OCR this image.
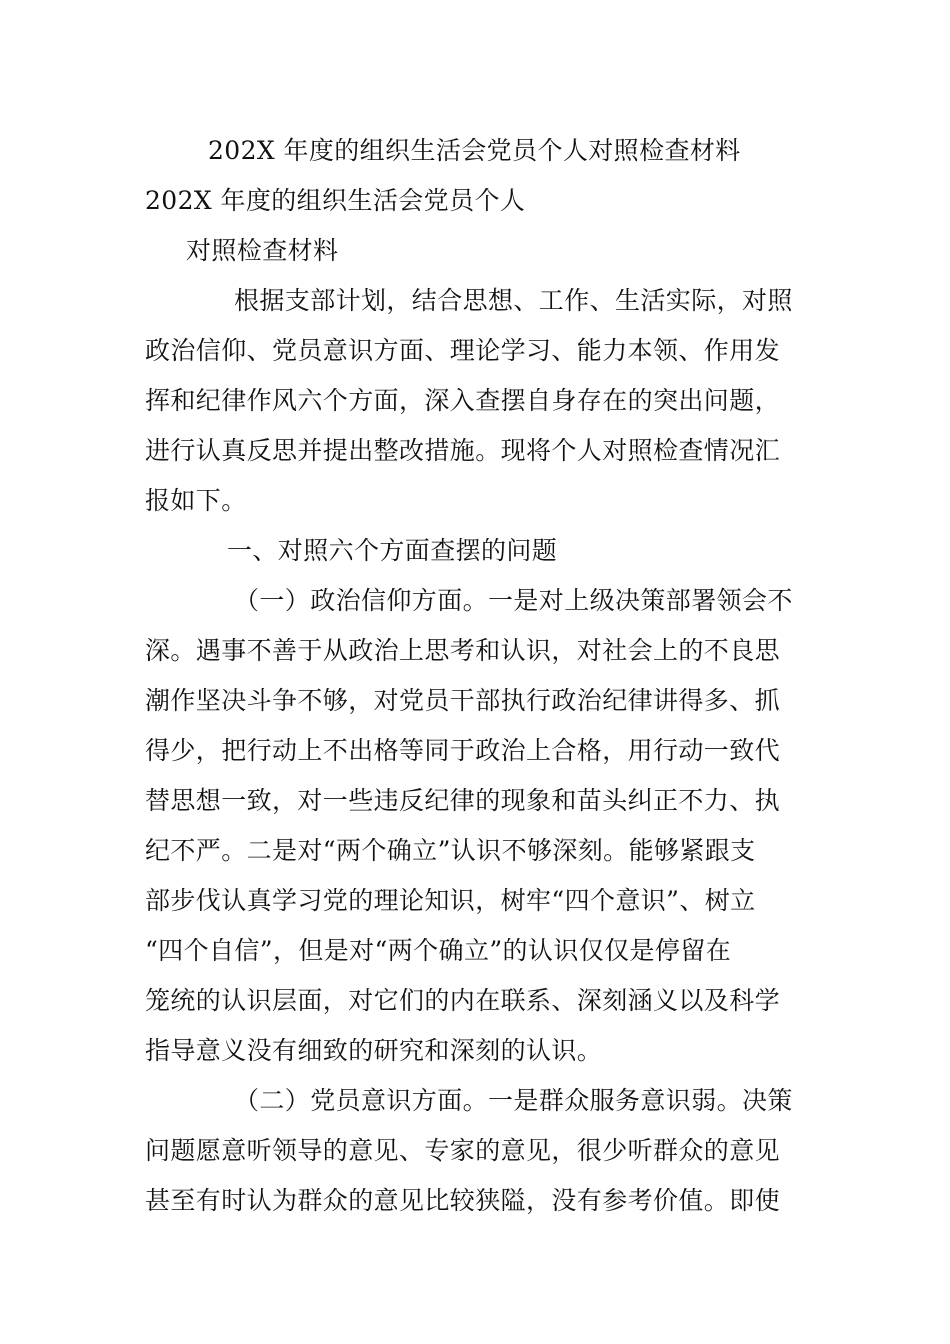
202X 年度的组织生活会党员个人对照检查材料
202X 年度的组织生活会党员个人
对照检查材料
根据支部计划，结合思想、工作、生活实际，对照
政治信仰、党员意识方面、理论学习、能力本领、作用发
挥和纪律作风六个方面，深入查摆自身存在的突出问题，
进行认真反思并提出整改措施。现将个人对照检查情况汇
报如下。
一、对照六个方面查摆的问题
（一）政治信仰方面。一是对上级决策部署领会不
深。遇事不善于从政治上思考和认识，对社会上的不良思
潮作坚决斗争不够，对党员干部执行政治纪律讲得多、抓
得少，把行动上不出格等同于政治上合格，用行动一致代
替思想一致，对一些违反纪律的现象和苗头纠正不力、执
纪不严。二是对“两个确立”认识不够深刻。能够紧跟支
部步伐认真学习党的理论知识，树牢“四个意识”、树立
“四个自信”，但是对“两个确立”的认识仅仅是停留在
笼统的认识层面，对它们的内在联系、深刻涵义以及科学
指导意义没有细致的研究和深刻的认识。
（二）党员意识方面。一是群众服务意识弱。决策
问题愿意听领导的意见、专家的意见，很少听群众的意见
甚至有时认为群众的意见比较狭隘，没有参考价值。即使
